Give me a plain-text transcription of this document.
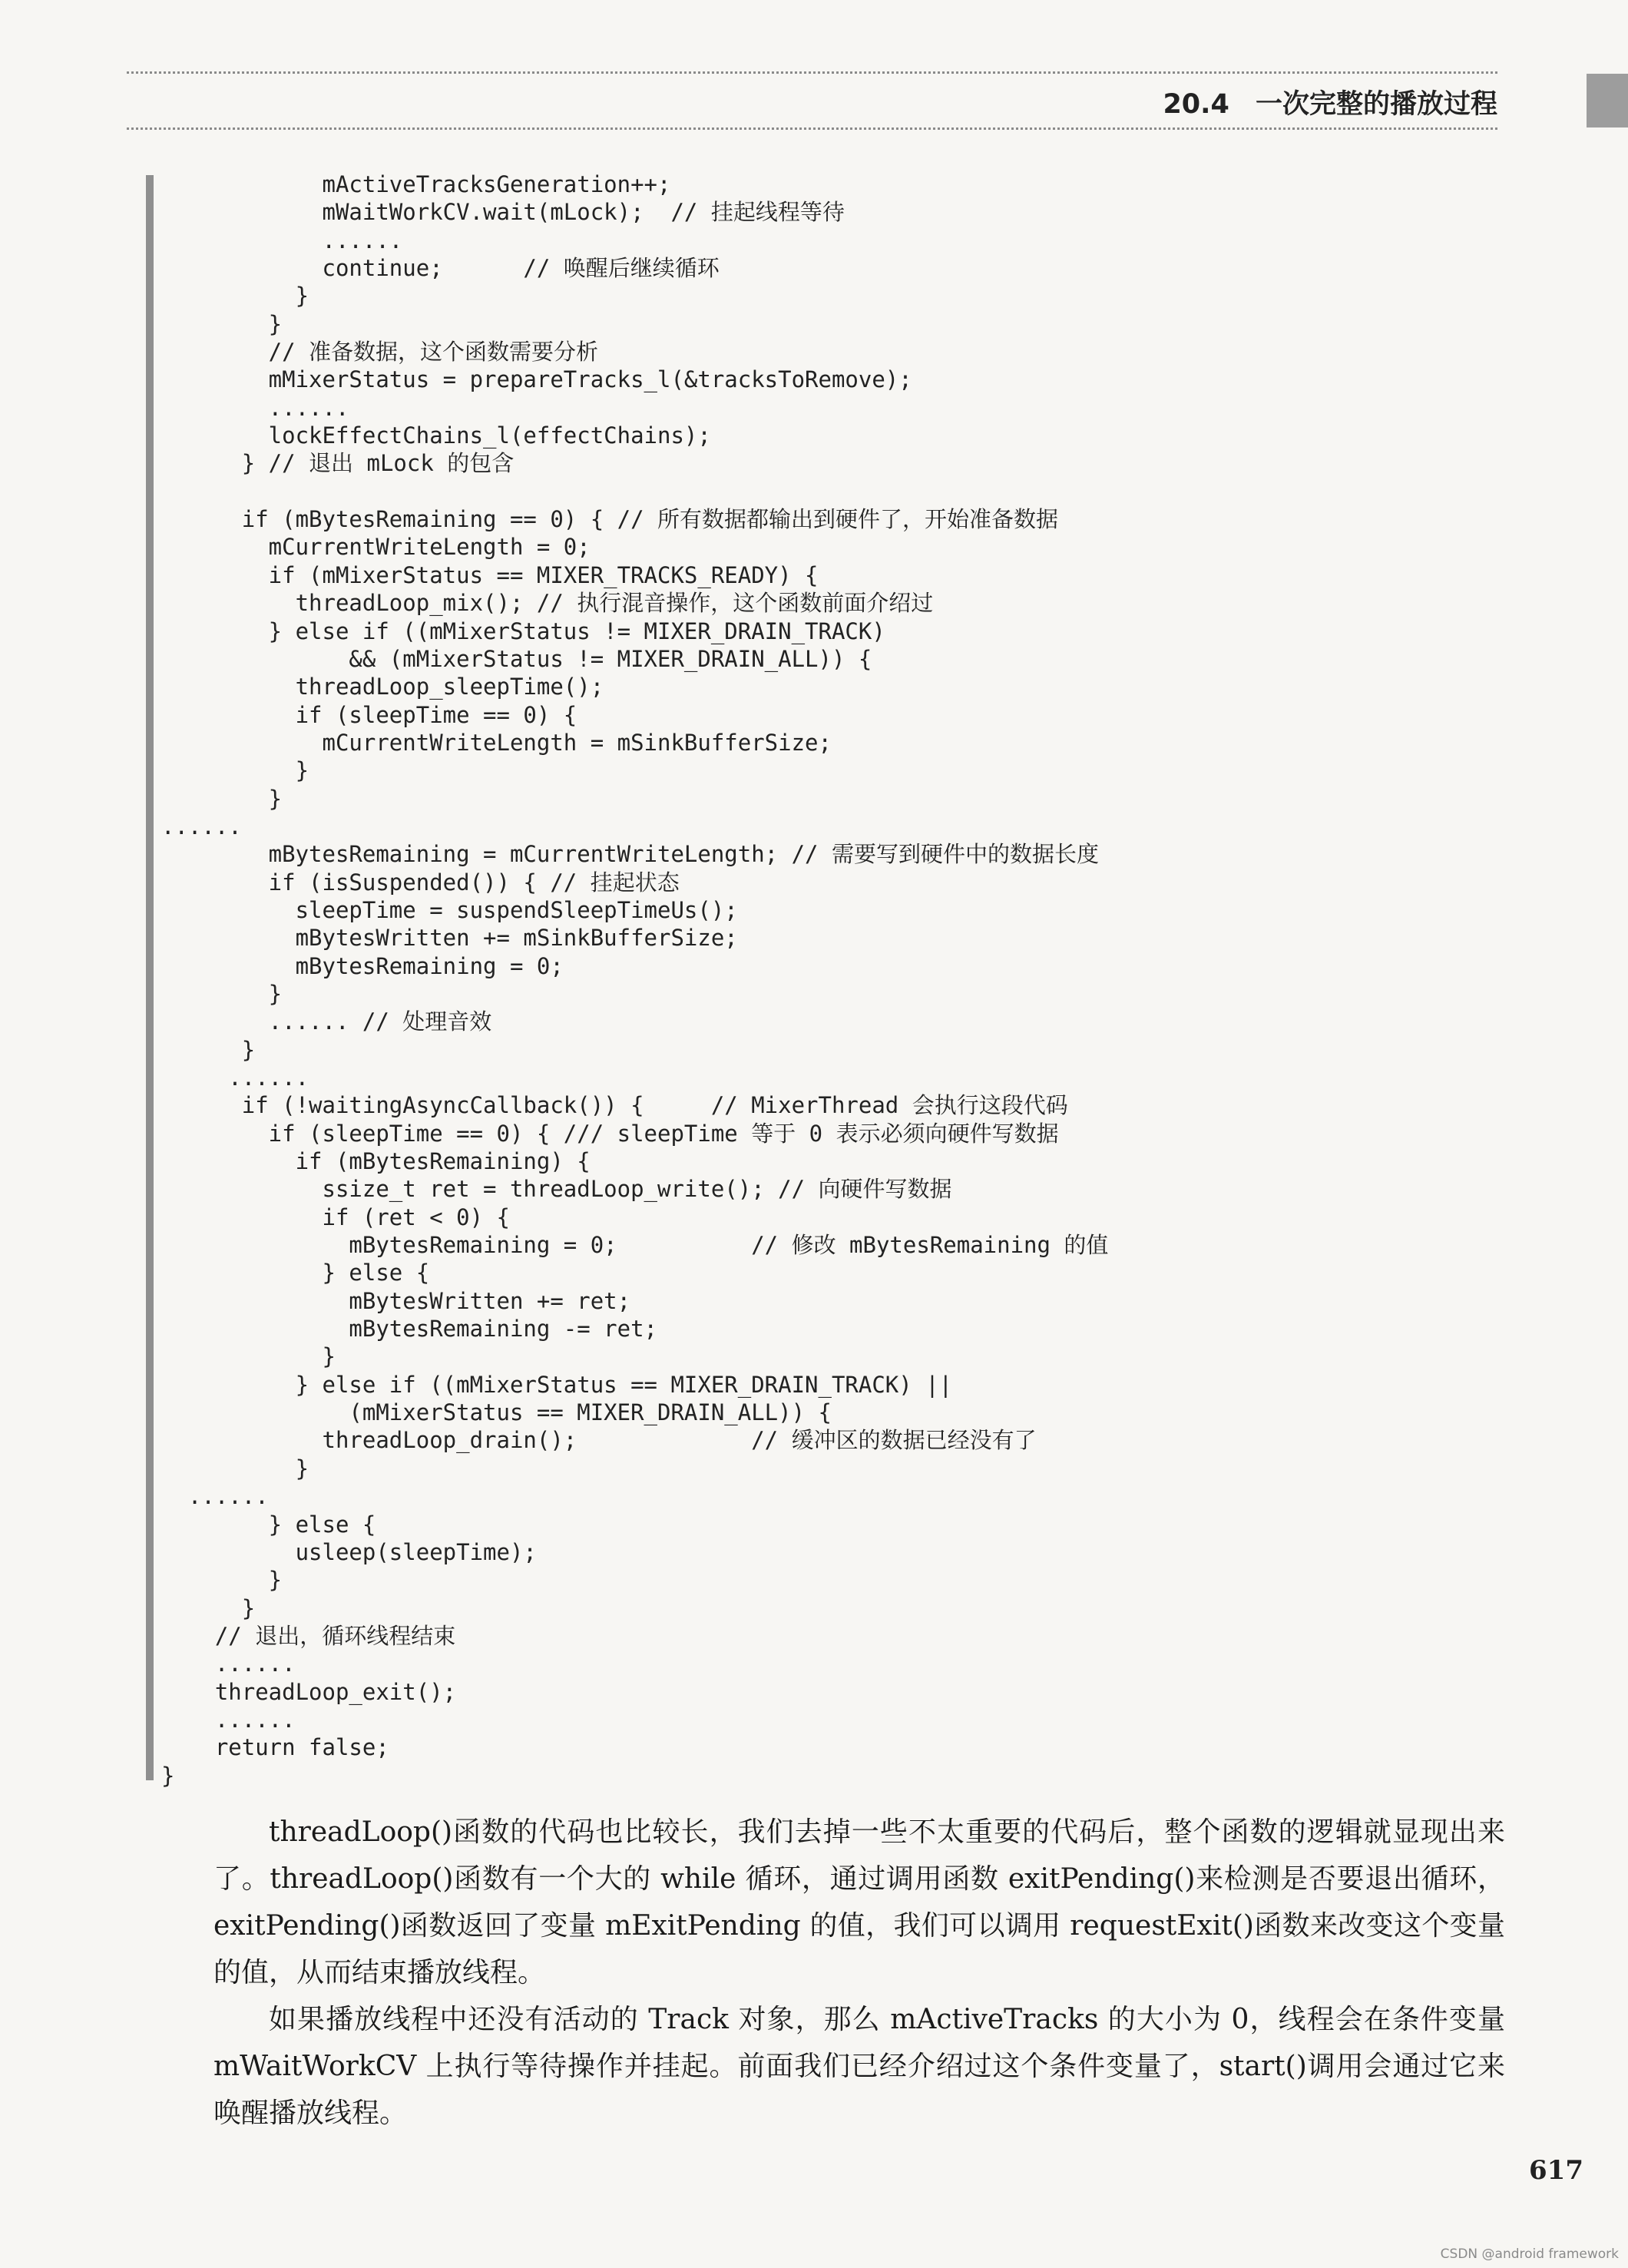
20.4 一次完整的播放过程
mActiveTracksGeneration++;
mWaitWorkCV.wait(mLock);  // 挂起线程等待
......
continue;      // 唤醒后继续循环
}
}
// 准备数据，这个函数需要分析
mMixerStatus = prepareTracks_l(&tracksToRemove);
......
lockEffectChains_l(effectChains);
} // 退出 mLock 的包含

if (mBytesRemaining == 0) { // 所有数据都输出到硬件了，开始准备数据
mCurrentWriteLength = 0;
if (mMixerStatus == MIXER_TRACKS_READY) {
threadLoop_mix(); // 执行混音操作，这个函数前面介绍过
} else if ((mMixerStatus != MIXER_DRAIN_TRACK)
&& (mMixerStatus != MIXER_DRAIN_ALL)) {
threadLoop_sleepTime();
if (sleepTime == 0) {
mCurrentWriteLength = mSinkBufferSize;
}
}
......
mBytesRemaining = mCurrentWriteLength; // 需要写到硬件中的数据长度
if (isSuspended()) { // 挂起状态
sleepTime = suspendSleepTimeUs();
mBytesWritten += mSinkBufferSize;
mBytesRemaining = 0;
}
...... // 处理音效
}
......
if (!waitingAsyncCallback()) {     // MixerThread 会执行这段代码
if (sleepTime == 0) { /// sleepTime 等于 0 表示必须向硬件写数据
if (mBytesRemaining) {
ssize_t ret = threadLoop_write(); // 向硬件写数据
if (ret < 0) {
mBytesRemaining = 0;          // 修改 mBytesRemaining 的值
} else {
mBytesWritten += ret;
mBytesRemaining -= ret;
}
} else if ((mMixerStatus == MIXER_DRAIN_TRACK) ||
(mMixerStatus == MIXER_DRAIN_ALL)) {
threadLoop_drain();             // 缓冲区的数据已经没有了
}
......
} else {
usleep(sleepTime);
}
}
// 退出，循环线程结束
......
threadLoop_exit();
......
return false;
}
threadLoop()函数的代码也比较长，我们去掉一些不太重要的代码后，整个函数的逻辑就显现出来了。threadLoop()函数有一个大的 while 循环，通过调用函数 exitPending()来检测是否要退出循环，exitPending()函数返回了变量 mExitPending 的值，我们可以调用 requestExit()函数来改变这个变量的值，从而结束播放线程。
如果播放线程中还没有活动的 Track 对象，那么 mActiveTracks 的大小为 0，线程会在条件变量 mWaitWorkCV 上执行等待操作并挂起。前面我们已经介绍过这个条件变量了，start()调用会通过它来唤醒播放线程。
617
CSDN @android framework
